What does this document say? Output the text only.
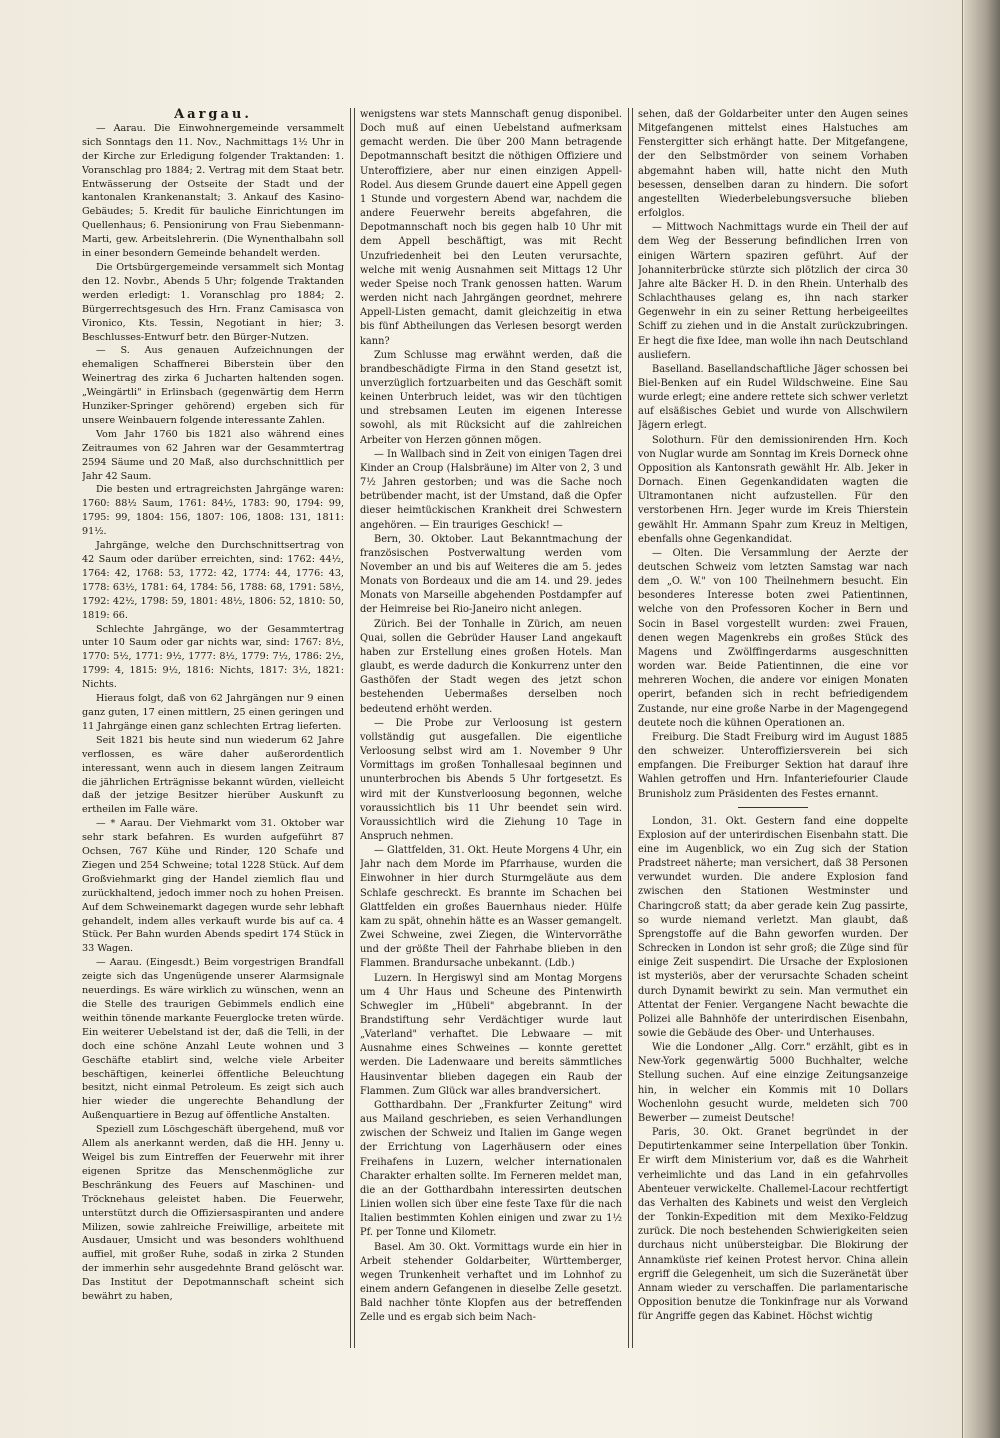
Aargau.

— Aarau. Die Einwohnergemeinde versammelt sich Sonntags den 11. Nov., Nachmittags 1½ Uhr in der Kirche zur Erledigung folgender Traktanden: 1. Voranschlag pro 1884; 2. Vertrag mit dem Staat betr. Entwässerung der Ostseite der Stadt und der kantonalen Krankenanstalt; 3. Ankauf des Kasino-Gebäudes; 5. Kredit für bauliche Einrichtungen im Quellenhaus; 6. Pensionirung von Frau Siebenmann-Marti, gew. Arbeitslehrerin. (Die Wynenthalbahn soll in einer besondern Gemeinde behandelt werden.

Die Ortsbürgergemeinde versammelt sich Montag den 12. Novbr., Abends 5 Uhr; folgende Traktanden werden erledigt: 1. Voranschlag pro 1884; 2. Bürgerrechtsgesuch des Hrn. Franz Camisasca von Vironico, Kts. Tessin, Negotiant in hier; 3. Beschlusses-Entwurf betr. den Bürger-Nutzen.

— S. Aus genauen Aufzeichnungen der ehemaligen Schaffnerei Biberstein über den Weinertrag des zirka 6 Jucharten haltenden sogen. „Weingärtli" in Erlinsbach (gegenwärtig dem Herrn Hunziker-Springer gehörend) ergeben sich für unsere Weinbauern folgende interessante Zahlen.

Vom Jahr 1760 bis 1821 also während eines Zeitraumes von 62 Jahren war der Gesammtertrag 2594 Säume und 20 Maß, also durchschnittlich per Jahr 42 Saum.

Die besten und ertragreichsten Jahrgänge waren: 1760: 88½ Saum, 1761: 84½, 1783: 90, 1794: 99, 1795: 99, 1804: 156, 1807: 106, 1808: 131, 1811: 91½.

Jahrgänge, welche den Durchschnittsertrag von 42 Saum oder darüber erreichten, sind: 1762: 44½, 1764: 42, 1768: 53, 1772: 42, 1774: 44, 1776: 43, 1778: 63½, 1781: 64, 1784: 56, 1788: 68, 1791: 58½, 1792: 42½, 1798: 59, 1801: 48½, 1806: 52, 1810: 50, 1819: 66.

Schlechte Jahrgänge, wo der Gesammtertrag unter 10 Saum oder gar nichts war, sind: 1767: 8½, 1770: 5½, 1771: 9½, 1777: 8½, 1779: 7½, 1786: 2½, 1799: 4, 1815: 9½, 1816: Nichts, 1817: 3½, 1821: Nichts.

Hieraus folgt, daß von 62 Jahrgängen nur 9 einen ganz guten, 17 einen mittlern, 25 einen geringen und 11 Jahrgänge einen ganz schlechten Ertrag lieferten.

Seit 1821 bis heute sind nun wiederum 62 Jahre verflossen, es wäre daher außerordentlich interessant, wenn auch in diesem langen Zeitraum die jährlichen Erträgnisse bekannt würden, vielleicht daß der jetzige Besitzer hierüber Auskunft zu ertheilen im Falle wäre.

— * Aarau. Der Viehmarkt vom 31. Oktober war sehr stark befahren. Es wurden aufgeführt 87 Ochsen, 767 Kühe und Rinder, 120 Schafe und Ziegen und 254 Schweine; total 1228 Stück. Auf dem Großviehmarkt ging der Handel ziemlich flau und zurückhaltend, jedoch immer noch zu hohen Preisen. Auf dem Schweinemarkt dagegen wurde sehr lebhaft gehandelt, indem alles verkauft wurde bis auf ca. 4 Stück. Per Bahn wurden Abends spedirt 174 Stück in 33 Wagen.

— Aarau. (Eingesdt.) Beim vorgestrigen Brandfall zeigte sich das Ungenügende unserer Alarmsignale neuerdings. Es wäre wirklich zu wünschen, wenn an die Stelle des traurigen Gebimmels endlich eine weithin tönende markante Feuerglocke treten würde. Ein weiterer Uebelstand ist der, daß die Telli, in der doch eine schöne Anzahl Leute wohnen und 3 Geschäfte etablirt sind, welche viele Arbeiter beschäftigen, keinerlei öffentliche Beleuchtung besitzt, nicht einmal Petroleum. Es zeigt sich auch hier wieder die ungerechte Behandlung der Außenquartiere in Bezug auf öffentliche Anstalten.

Speziell zum Löschgeschäft übergehend, muß vor Allem als anerkannt werden, daß die HH. Jenny u. Weigel bis zum Eintreffen der Feuerwehr mit ihrer eigenen Spritze das Menschenmögliche zur Beschränkung des Feuers auf Maschinen- und Tröcknehaus geleistet haben. Die Feuerwehr, unterstützt durch die Offiziersaspiranten und andere Milizen, sowie zahlreiche Freiwillige, arbeitete mit Ausdauer, Umsicht und was besonders wohlthuend auffiel, mit großer Ruhe, sodaß in zirka 2 Stunden der immerhin sehr ausgedehnte Brand gelöscht war. Das Institut der Depotmannschaft scheint sich bewährt zu haben,

wenigstens war stets Mannschaft genug disponibel. Doch muß auf einen Uebelstand aufmerksam gemacht werden. Die über 200 Mann betragende Depotmannschaft besitzt die nöthigen Offiziere und Unteroffiziere, aber nur einen einzigen Appell-Rodel. Aus diesem Grunde dauert eine Appell gegen 1 Stunde und vorgestern Abend war, nachdem die andere Feuerwehr bereits abgefahren, die Depotmannschaft noch bis gegen halb 10 Uhr mit dem Appell beschäftigt, was mit Recht Unzufriedenheit bei den Leuten verursachte, welche mit wenig Ausnahmen seit Mittags 12 Uhr weder Speise noch Trank genossen hatten. Warum werden nicht nach Jahrgängen geordnet, mehrere Appell-Listen gemacht, damit gleichzeitig in etwa bis fünf Abtheilungen das Verlesen besorgt werden kann?

Zum Schlusse mag erwähnt werden, daß die brandbeschädigte Firma in den Stand gesetzt ist, unverzüglich fortzuarbeiten und das Geschäft somit keinen Unterbruch leidet, was wir den tüchtigen und strebsamen Leuten im eigenen Interesse sowohl, als mit Rücksicht auf die zahlreichen Arbeiter von Herzen gönnen mögen.

— In Wallbach sind in Zeit von einigen Tagen drei Kinder an Croup (Halsbräune) im Alter von 2, 3 und 7½ Jahren gestorben; und was die Sache noch betrübender macht, ist der Umstand, daß die Opfer dieser heimtückischen Krankheit drei Schwestern angehören. — Ein trauriges Geschick! —

Bern, 30. Oktober. Laut Bekanntmachung der französischen Postverwaltung werden vom November an und bis auf Weiteres die am 5. jedes Monats von Bordeaux und die am 14. und 29. jedes Monats von Marseille abgehenden Postdampfer auf der Heimreise bei Rio-Janeiro nicht anlegen.

Zürich. Bei der Tonhalle in Zürich, am neuen Quai, sollen die Gebrüder Hauser Land angekauft haben zur Erstellung eines großen Hotels. Man glaubt, es werde dadurch die Konkurrenz unter den Gasthöfen der Stadt wegen des jetzt schon bestehenden Uebermaßes derselben noch bedeutend erhöht werden.

— Die Probe zur Verloosung ist gestern vollständig gut ausgefallen. Die eigentliche Verloosung selbst wird am 1. November 9 Uhr Vormittags im großen Tonhallesaal beginnen und ununterbrochen bis Abends 5 Uhr fortgesetzt. Es wird mit der Kunstverloosung begonnen, welche voraussichtlich bis 11 Uhr beendet sein wird. Voraussichtlich wird die Ziehung 10 Tage in Anspruch nehmen.

— Glattfelden, 31. Okt. Heute Morgens 4 Uhr, ein Jahr nach dem Morde im Pfarrhause, wurden die Einwohner in hier durch Sturmgeläute aus dem Schlafe geschreckt. Es brannte im Schachen bei Glattfelden ein großes Bauernhaus nieder. Hülfe kam zu spät, ohnehin hätte es an Wasser gemangelt. Zwei Schweine, zwei Ziegen, die Wintervorräthe und der größte Theil der Fahrhabe blieben in den Flammen. Brandursache unbekannt. (Ldb.)

Luzern. In Hergiswyl sind am Montag Morgens um 4 Uhr Haus und Scheune des Pintenwirth Schwegler im „Hübeli" abgebrannt. In der Brandstiftung sehr Verdächtiger wurde laut „Vaterland" verhaftet. Die Lebwaare — mit Ausnahme eines Schweines — konnte gerettet werden. Die Ladenwaare und bereits sämmtliches Hausinventar blieben dagegen ein Raub der Flammen. Zum Glück war alles brandversichert.

Gotthardbahn. Der „Frankfurter Zeitung" wird aus Mailand geschrieben, es seien Verhandlungen zwischen der Schweiz und Italien im Gange wegen der Errichtung von Lagerhäusern oder eines Freihafens in Luzern, welcher internationalen Charakter erhalten sollte. Im Ferneren meldet man, die an der Gotthardbahn interessirten deutschen Linien wollen sich über eine feste Taxe für die nach Italien bestimmten Kohlen einigen und zwar zu 1½ Pf. per Tonne und Kilometr.

Basel. Am 30. Okt. Vormittags wurde ein hier in Arbeit stehender Goldarbeiter, Württemberger, wegen Trunkenheit verhaftet und im Lohnhof zu einem andern Gefangenen in dieselbe Zelle gesetzt. Bald nachher tönte Klopfen aus der betreffenden Zelle und es ergab sich beim Nach-

sehen, daß der Goldarbeiter unter den Augen seines Mitgefangenen mittelst eines Halstuches am Fenstergitter sich erhängt hatte. Der Mitgefangene, der den Selbstmörder von seinem Vorhaben abgemahnt haben will, hatte nicht den Muth besessen, denselben daran zu hindern. Die sofort angestellten Wiederbelebungsversuche blieben erfolglos.

— Mittwoch Nachmittags wurde ein Theil der auf dem Weg der Besserung befindlichen Irren von einigen Wärtern spaziren geführt. Auf der Johanniterbrücke stürzte sich plötzlich der circa 30 Jahre alte Bäcker H. D. in den Rhein. Unterhalb des Schlachthauses gelang es, ihn nach starker Gegenwehr in ein zu seiner Rettung herbeigeeiltes Schiff zu ziehen und in die Anstalt zurückzubringen. Er hegt die fixe Idee, man wolle ihn nach Deutschland ausliefern.

Baselland. Basellandschaftliche Jäger schossen bei Biel-Benken auf ein Rudel Wildschweine. Eine Sau wurde erlegt; eine andere rettete sich schwer verletzt auf elsäßisches Gebiet und wurde von Allschwilern Jägern erlegt.

Solothurn. Für den demissionirenden Hrn. Koch von Nuglar wurde am Sonntag im Kreis Dorneck ohne Opposition als Kantonsrath gewählt Hr. Alb. Jeker in Dornach. Einen Gegenkandidaten wagten die Ultramontanen nicht aufzustellen. Für den verstorbenen Hrn. Jeger wurde im Kreis Thierstein gewählt Hr. Ammann Spahr zum Kreuz in Meltigen, ebenfalls ohne Gegenkandidat.

— Olten. Die Versammlung der Aerzte der deutschen Schweiz vom letzten Samstag war nach dem „O. W." von 100 Theilnehmern besucht. Ein besonderes Interesse boten zwei Patientinnen, welche von den Professoren Kocher in Bern und Socin in Basel vorgestellt wurden: zwei Frauen, denen wegen Magenkrebs ein großes Stück des Magens und Zwölffingerdarms ausgeschnitten worden war. Beide Patientinnen, die eine vor mehreren Wochen, die andere vor einigen Monaten operirt, befanden sich in recht befriedigendem Zustande, nur eine große Narbe in der Magengegend deutete noch die kühnen Operationen an.

Freiburg. Die Stadt Freiburg wird im August 1885 den schweizer. Unteroffiziersverein bei sich empfangen. Die Freiburger Sektion hat darauf ihre Wahlen getroffen und Hrn. Infanteriefourier Claude Brunisholz zum Präsidenten des Festes ernannt.

London, 31. Okt. Gestern fand eine doppelte Explosion auf der unterirdischen Eisenbahn statt. Die eine im Augenblick, wo ein Zug sich der Station Pradstreet näherte; man versichert, daß 38 Personen verwundet wurden. Die andere Explosion fand zwischen den Stationen Westminster und Charingcroß statt; da aber gerade kein Zug passirte, so wurde niemand verletzt. Man glaubt, daß Sprengstoffe auf die Bahn geworfen wurden. Der Schrecken in London ist sehr groß; die Züge sind für einige Zeit suspendirt. Die Ursache der Explosionen ist mysteriös, aber der verursachte Schaden scheint durch Dynamit bewirkt zu sein. Man vermuthet ein Attentat der Fenier. Vergangene Nacht bewachte die Polizei alle Bahnhöfe der unterirdischen Eisenbahn, sowie die Gebäude des Ober- und Unterhauses.

Wie die Londoner „Allg. Corr." erzählt, gibt es in New-York gegenwärtig 5000 Buchhalter, welche Stellung suchen. Auf eine einzige Zeitungsanzeige hin, in welcher ein Kommis mit 10 Dollars Wochenlohn gesucht wurde, meldeten sich 700 Bewerber — zumeist Deutsche!

Paris, 30. Okt. Granet begründet in der Deputirtenkammer seine Interpellation über Tonkin. Er wirft dem Ministerium vor, daß es die Wahrheit verheimlichte und das Land in ein gefahrvolles Abenteuer verwickelte. Challemel-Lacour rechtfertigt das Verhalten des Kabinets und weist den Vergleich der Tonkin-Expedition mit dem Mexiko-Feldzug zurück. Die noch bestehenden Schwierigkeiten seien durchaus nicht unübersteigbar. Die Blokirung der Annamküste rief keinen Protest hervor. China allein ergriff die Gelegenheit, um sich die Suzeränetät über Annam wieder zu verschaffen. Die parlamentarische Opposition benutze die Tonkinfrage nur als Vorwand für Angriffe gegen das Kabinet. Höchst wichtig
